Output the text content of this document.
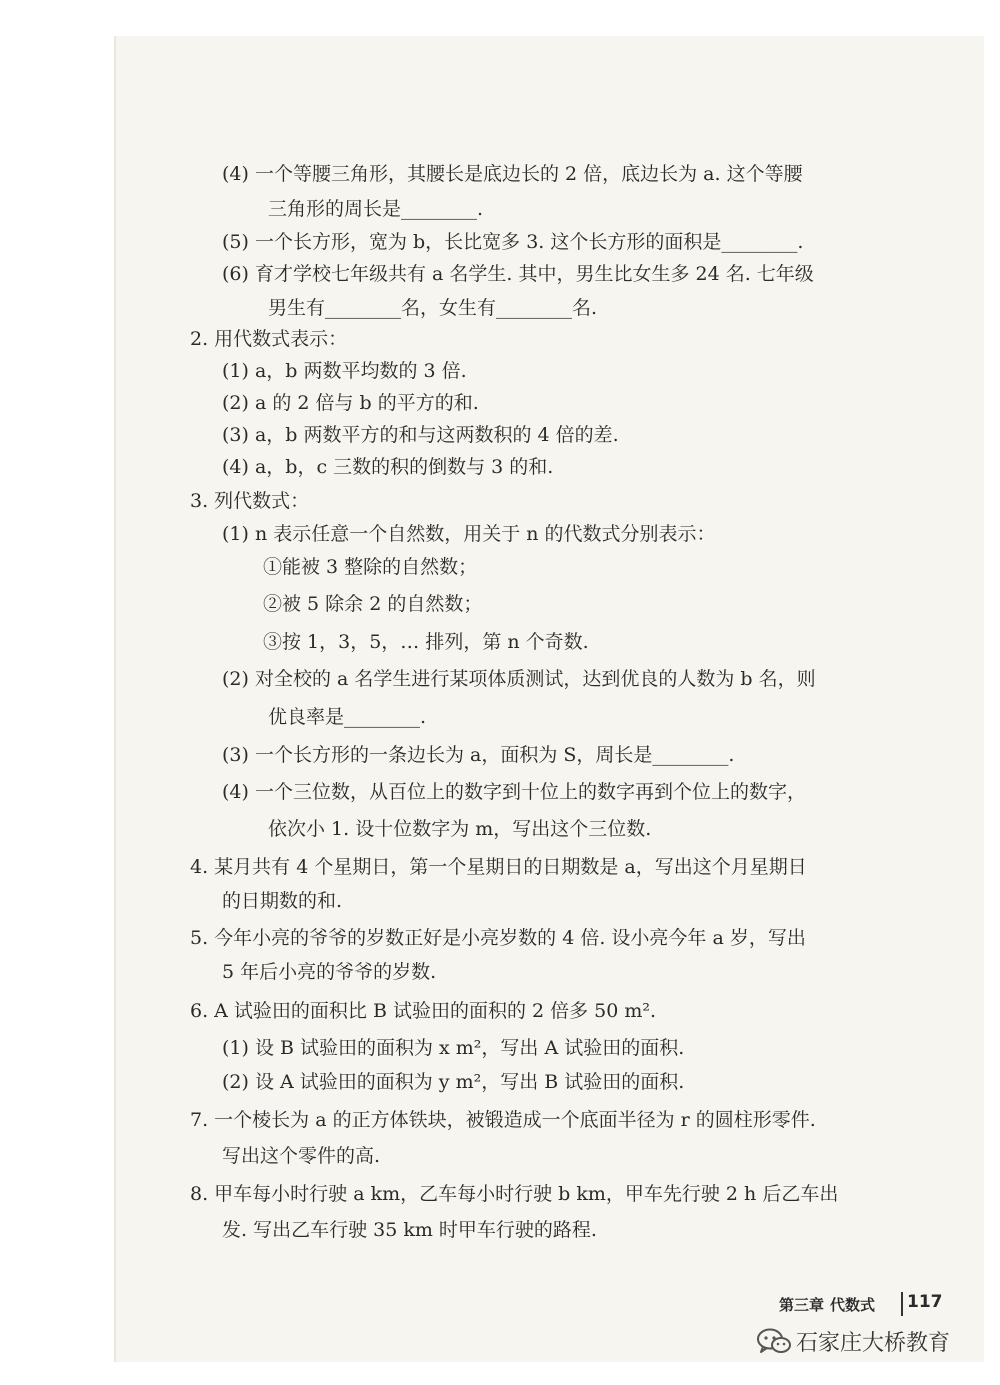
(4) 一个等腰三角形，其腰长是底边长的 2 倍，底边长为 a. 这个等腰
三角形的周长是________.
(5) 一个长方形，宽为 b，长比宽多 3. 这个长方形的面积是________.
(6) 育才学校七年级共有 a 名学生. 其中，男生比女生多 24 名. 七年级
男生有________名，女生有________名.
2. 用代数式表示：
(1) a，b 两数平均数的 3 倍.
(2) a 的 2 倍与 b 的平方的和.
(3) a，b 两数平方的和与这两数积的 4 倍的差.
(4) a，b，c 三数的积的倒数与 3 的和.
3. 列代数式：
(1) n 表示任意一个自然数，用关于 n 的代数式分别表示：
①能被 3 整除的自然数；
②被 5 除余 2 的自然数；
③按 1，3，5，… 排列，第 n 个奇数.
(2) 对全校的 a 名学生进行某项体质测试，达到优良的人数为 b 名，则
优良率是________.
(3) 一个长方形的一条边长为 a，面积为 S，周长是________.
(4) 一个三位数，从百位上的数字到十位上的数字再到个位上的数字，
依次小 1. 设十位数字为 m，写出这个三位数.
4. 某月共有 4 个星期日，第一个星期日的日期数是 a，写出这个月星期日
的日期数的和.
5. 今年小亮的爷爷的岁数正好是小亮岁数的 4 倍. 设小亮今年 a 岁，写出
5 年后小亮的爷爷的岁数.
6. A 试验田的面积比 B 试验田的面积的 2 倍多 50 m².
(1) 设 B 试验田的面积为 x m²，写出 A 试验田的面积.
(2) 设 A 试验田的面积为 y m²，写出 B 试验田的面积.
7. 一个棱长为 a 的正方体铁块，被锻造成一个底面半径为 r 的圆柱形零件.
写出这个零件的高.
8. 甲车每小时行驶 a km，乙车每小时行驶 b km，甲车先行驶 2 h 后乙车出
发. 写出乙车行驶 35 km 时甲车行驶的路程.
第三章 代数式	117
石家庄大桥教育
